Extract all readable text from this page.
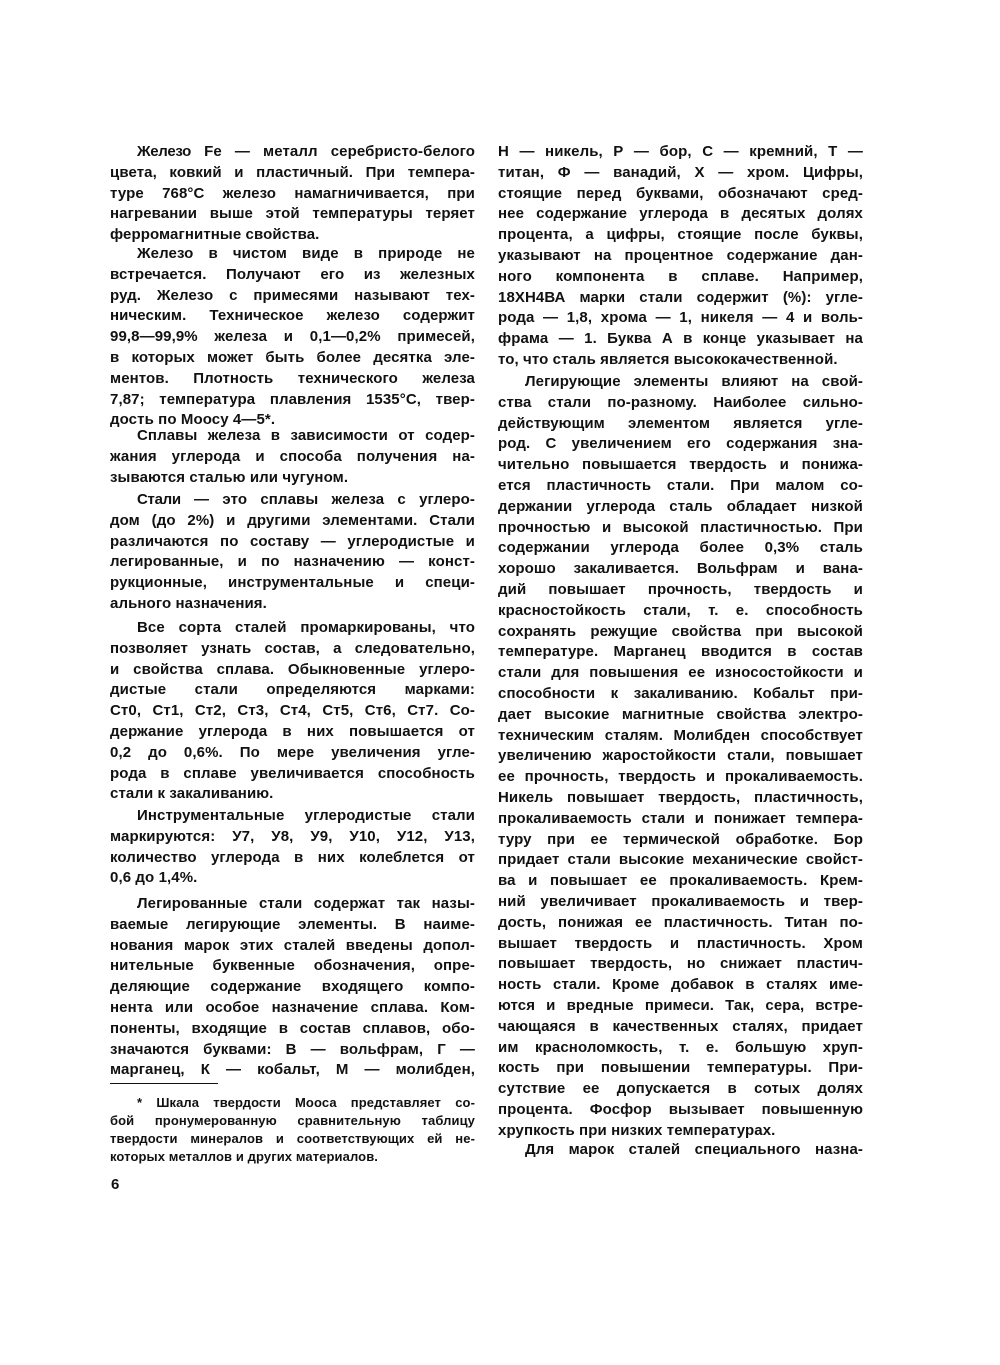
Железо Fe — металл серебристо-белого
цвета, ковкий и пластичный. При темпера-
туре 768°С железо намагничивается, при
нагревании выше этой температуры теряет
ферромагнитные свойства.
Железо в чистом виде в природе не
встречается. Получают его из железных
руд. Железо с примесями называют тех-
ническим. Техническое железо содержит
99,8—99,9% железа и 0,1—0,2% примесей,
в которых может быть более десятка эле-
ментов. Плотность технического железа
7,87; температура плавления 1535°С, твер-
дость по Моосу 4—5*.
Сплавы железа в зависимости от содер-
жания углерода и способа получения на-
зываются сталью или чугуном.
Стали — это сплавы железа с углеро-
дом (до 2%) и другими элементами. Стали
различаются по составу — углеродистые и
легированные, и по назначению — конст-
рукционные, инструментальные и специ-
ального назначения.
Все сорта сталей промаркированы, что
позволяет узнать состав, а следовательно,
и свойства сплава. Обыкновенные углеро-
дистые стали определяются марками:
Ст0, Ст1, Ст2, Ст3, Ст4, Ст5, Ст6, Ст7. Со-
держание углерода в них повышается от
0,2 до 0,6%. По мере увеличения угле-
рода в сплаве увеличивается способность
стали к закаливанию.
Инструментальные углеродистые стали
маркируются: У7, У8, У9, У10, У12, У13,
количество углерода в них колеблется от
0,6 до 1,4%.
Легированные стали содержат так назы-
ваемые легирующие элементы. В наиме-
нования марок этих сталей введены допол-
нительные буквенные обозначения, опре-
деляющие содержание входящего компо-
нента или особое назначение сплава. Ком-
поненты, входящие в состав сплавов, обо-
значаются буквами: В — вольфрам, Г —
марганец, К — кобальт, М — молибден,
Н — никель, Р — бор, С — кремний, Т —
титан, Ф — ванадий, Х — хром. Цифры,
стоящие перед буквами, обозначают сред-
нее содержание углерода в десятых долях
процента, а цифры, стоящие после буквы,
указывают на процентное содержание дан-
ного компонента в сплаве. Например,
18ХН4ВА марки стали содержит (%): угле-
рода — 1,8, хрома — 1, никеля — 4 и воль-
фрама — 1. Буква А в конце указывает на
то, что сталь является высококачественной.
Легирующие элементы влияют на свой-
ства стали по-разному. Наиболее сильно-
действующим элементом является угле-
род. С увеличением его содержания зна-
чительно повышается твердость и понижа-
ется пластичность стали. При малом со-
держании углерода сталь обладает низкой
прочностью и высокой пластичностью. При
содержании углерода более 0,3% сталь
хорошо закаливается. Вольфрам и вана-
дий повышает прочность, твердость и
красностойкость стали, т. е. способность
сохранять режущие свойства при высокой
температуре. Марганец вводится в состав
стали для повышения ее износостойкости и
способности к закаливанию. Кобальт при-
дает высокие магнитные свойства электро-
техническим сталям. Молибден способствует
увеличению жаростойкости стали, повышает
ее прочность, твердость и прокаливаемость.
Никель повышает твердость, пластичность,
прокаливаемость стали и понижает темпера-
туру при ее термической обработке. Бор
придает стали высокие механические свойст-
ва и повышает ее прокаливаемость. Крем-
ний увеличивает прокаливаемость и твер-
дость, понижая ее пластичность. Титан по-
вышает твердость и пластичность. Хром
повышает твердость, но снижает пластич-
ность стали. Кроме добавок в сталях име-
ются и вредные примеси. Так, сера, встре-
чающаяся в качественных сталях, придает
им красноломкость, т. е. большую хруп-
кость при повышении температуры. При-
сутствие ее допускается в сотых долях
процента. Фосфор вызывает повышенную
хрупкость при низких температурах.
Для марок сталей специального назна-
* Шкала твердости Мооса представляет со-
бой пронумерованную сравнительную таблицу
твердости минералов и соответствующих ей не-
которых металлов и других материалов.
6
